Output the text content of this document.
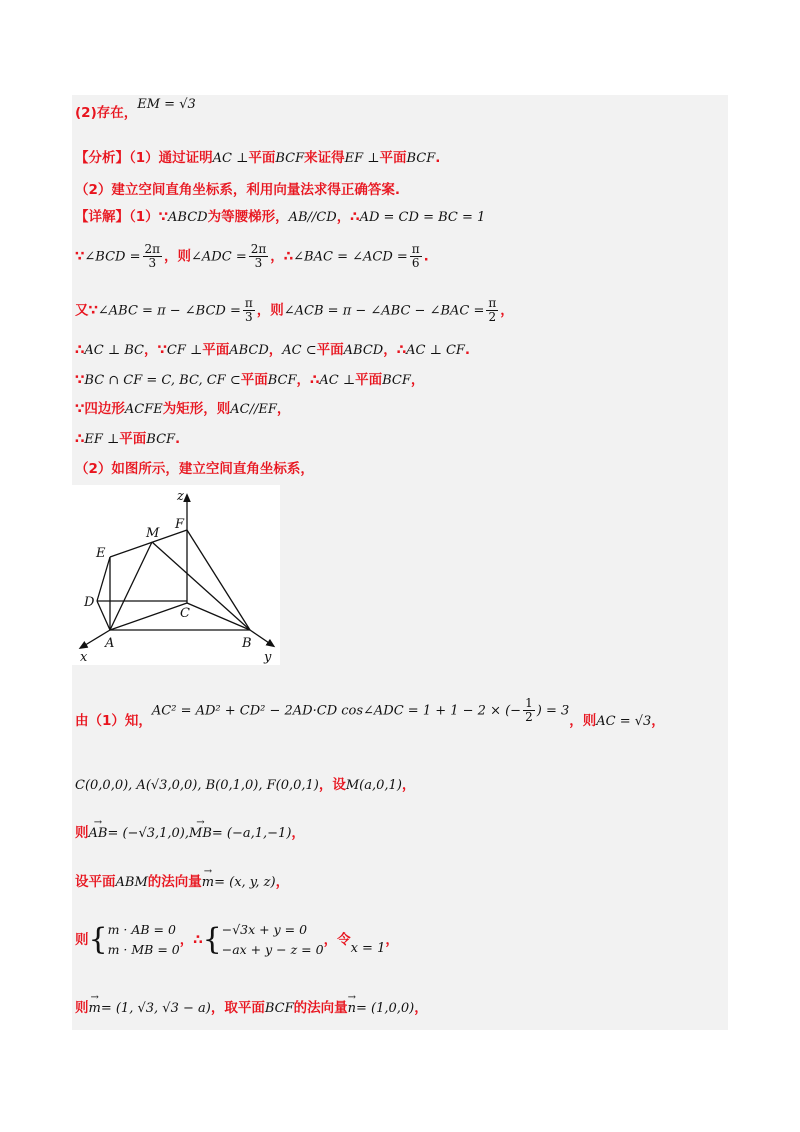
(2)存在，EM = √3
【分析】（1）通过证明AC ⊥平面BCF来证得EF ⊥平面BCF.
（2）建立空间直角坐标系，利用向量法求得正确答案.
【详解】（1）∵ABCD为等腰梯形，AB//CD，∴AD = CD = BC = 1
∵∠BCD = $\frac{2\pi}{3}$ ，则∠ADC = $\frac{2\pi}{3}$ ，∴∠BAC = ∠ACD = $\frac{\pi}{6}$ .
又∵∠ABC = π − ∠BCD = $\frac{\pi}{3}$ ，则∠ACB = π − ∠ABC − ∠BAC = $\frac{\pi}{2}$ ，
∴AC ⊥ BC，∵CF ⊥平面ABCD，AC ⊂平面ABCD，∴AC ⊥ CF.
∵BC ∩ CF = C, BC, CF ⊂平面BCF，∴AC ⊥平面BCF，
∵四边形ACFE为矩形，则AC//EF，
∴EF ⊥平面BCF.
（2）如图所示，建立空间直角坐标系，
z
F
M
E
D
C
A	B
x	y
由（1）知，AC² = AD² + CD² − 2AD·CD cos∠ADC = 1 + 1 − 2 × (− $\frac{1}{2}$ ) = 3，则AC = √3，
C(0,0,0), A(√3,0,0), B(0,1,0), F(0,0,1)，设M(a,0,1)，
则→ AB= (−√3,1,0),→ MB= (−a,1,−1)，
设平面ABM的法向量→ m= (x, y, z)，
则{ m · AB = 0
m · MB = 0
，∴{ −√3x + y = 0
−ax + y − z = 0
，令x = 1，
则→ m= (1, √3, √3 − a)，取平面BCF的法向量→ n= (1,0,0)，
